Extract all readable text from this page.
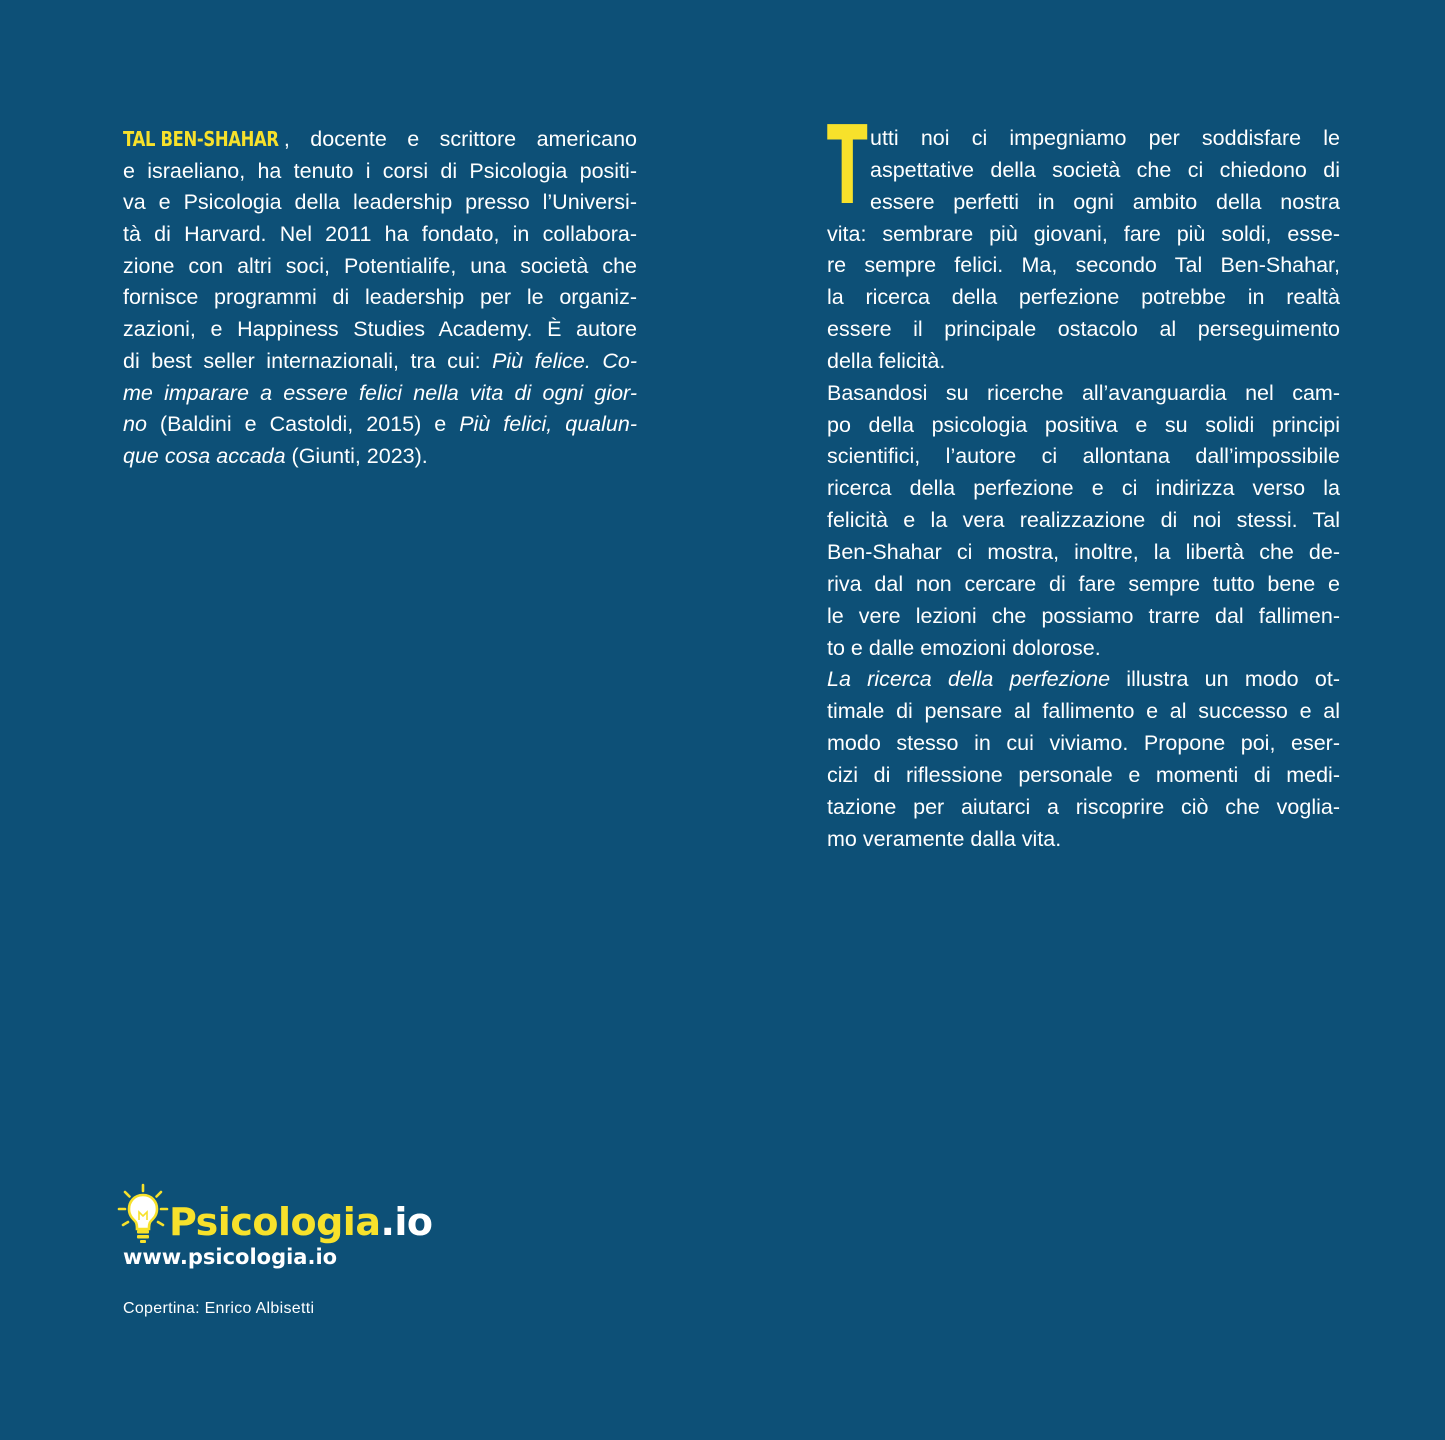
TAL BEN-SHAHAR , docente e scrittore americano
e israeliano, ha tenuto i corsi di Psicologia positi-
va e Psicologia della leadership presso l’Universi-
tà di Harvard. Nel 2011 ha fondato, in collabora-
zione con altri soci, Potentialife, una società che
fornisce programmi di leadership per le organiz-
zazioni, e Happiness Studies Academy. È autore
di best seller internazionali, tra cui: Più felice. Co-
me imparare a essere felici nella vita di ogni gior-
no (Baldini e Castoldi, 2015) e Più felici, qualun-
que cosa accada (Giunti, 2023).
T utti noi ci impegniamo per soddisfare le
aspettative della società che ci chiedono di
essere perfetti in ogni ambito della nostra
vita: sembrare più giovani, fare più soldi, esse-
re sempre felici. Ma, secondo Tal Ben-Shahar,
la ricerca della perfezione potrebbe in realtà
essere il principale ostacolo al perseguimento
della felicità.
Basandosi su ricerche all’avanguardia nel cam-
po della psicologia positiva e su solidi principi
scientifici, l’autore ci allontana dall’impossibile
ricerca della perfezione e ci indirizza verso la
felicità e la vera realizzazione di noi stessi. Tal
Ben-Shahar ci mostra, inoltre, la libertà che de-
riva dal non cercare di fare sempre tutto bene e
le vere lezioni che possiamo trarre dal fallimen-
to e dalle emozioni dolorose.
La ricerca della perfezione illustra un modo ot-
timale di pensare al fallimento e al successo e al
modo stesso in cui viviamo. Propone poi, eser-
cizi di riflessione personale e momenti di medi-
tazione per aiutarci a riscoprire ciò che voglia-
mo veramente dalla vita.
Psicologia.io
www.psicologia.io
Copertina: Enrico Albisetti
